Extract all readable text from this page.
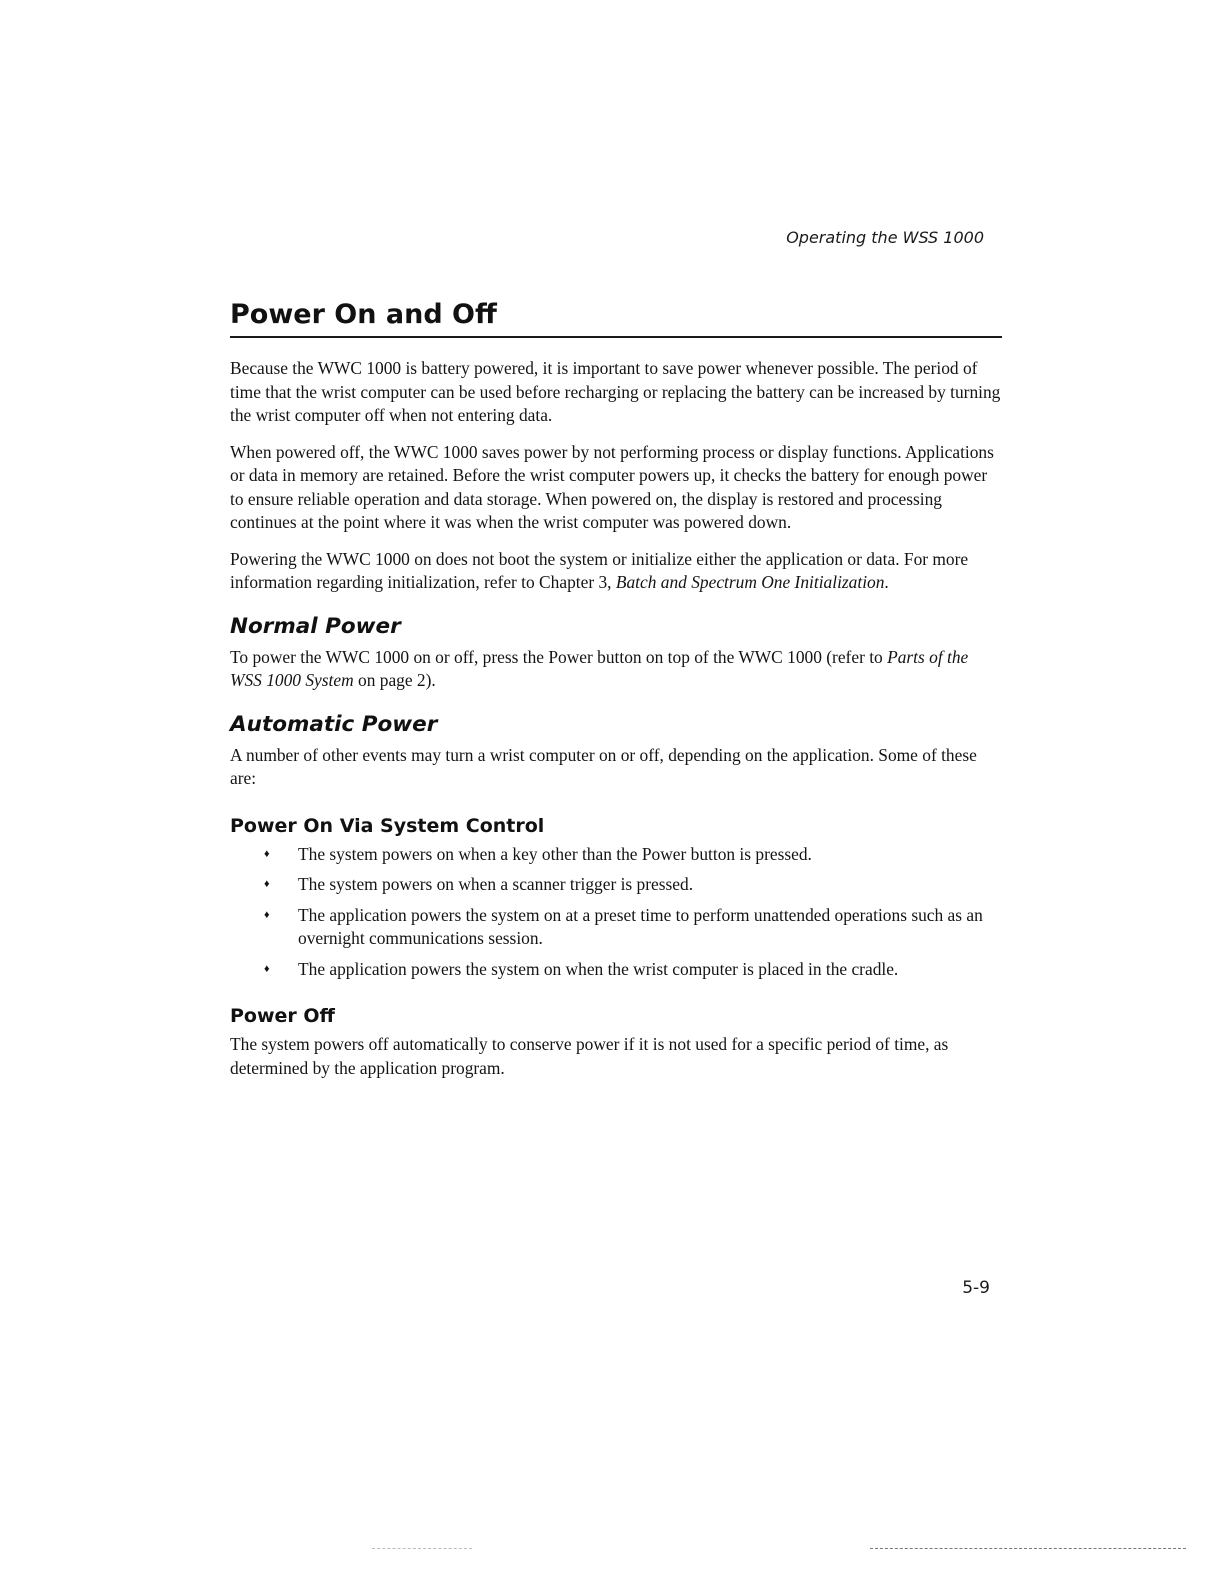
Operating the WSS 1000
Power On and Off

Because the WWC 1000 is battery powered, it is important to save power whenever possible. The period of time that the wrist computer can be used before recharging or replacing the battery can be increased by turning the wrist computer off when not entering data.

When powered off, the WWC 1000 saves power by not performing process or display functions. Applications or data in memory are retained. Before the wrist computer powers up, it checks the battery for enough power to ensure reliable operation and data storage. When powered on, the display is restored and processing continues at the point where it was when the wrist computer was powered down.

Powering the WWC 1000 on does not boot the system or initialize either the application or data. For more information regarding initialization, refer to Chapter 3, Batch and Spectrum One Initialization.

Normal Power

To power the WWC 1000 on or off, press the Power button on top of the WWC 1000 (refer to Parts of the WSS 1000 System on page 2).

Automatic Power

A number of other events may turn a wrist computer on or off, depending on the application. Some of these are:

Power On Via System Control
♦ The system powers on when a key other than the Power button is pressed.
♦ The system powers on when a scanner trigger is pressed.
♦ The application powers the system on at a preset time to perform unattended operations such as an overnight communications session.
♦ The application powers the system on when the wrist computer is placed in the cradle.
Power Off

The system powers off automatically to conserve power if it is not used for a specific period of time, as determined by the application program.

5-9
